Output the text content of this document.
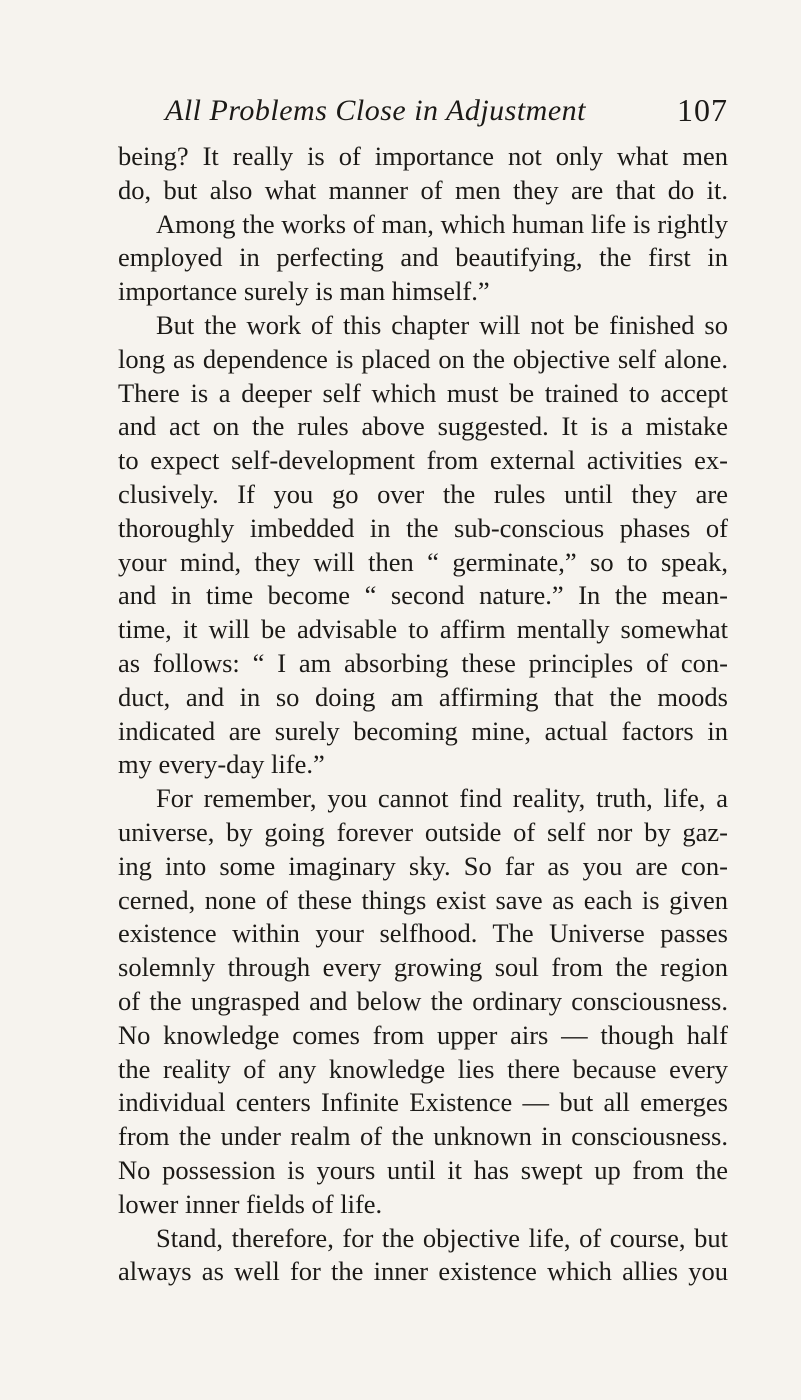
All Problems Close in Adjustment	107
being? It really is of importance not only what men
do, but also what manner of men they are that do it.
Among the works of man, which human life is rightly
employed in perfecting and beautifying, the first in
importance surely is man himself.”
But the work of this chapter will not be finished so
long as dependence is placed on the objective self alone.
There is a deeper self which must be trained to accept
and act on the rules above suggested. It is a mistake
to expect self-development from external activities ex-
clusively. If you go over the rules until they are
thoroughly imbedded in the sub-conscious phases of
your mind, they will then “ germinate,” so to speak,
and in time become “ second nature.” In the mean-
time, it will be advisable to affirm mentally somewhat
as follows: “ I am absorbing these principles of con-
duct, and in so doing am affirming that the moods
indicated are surely becoming mine, actual factors in
my every-day life.”
For remember, you cannot find reality, truth, life, a
universe, by going forever outside of self nor by gaz-
ing into some imaginary sky. So far as you are con-
cerned, none of these things exist save as each is given
existence within your selfhood. The Universe passes
solemnly through every growing soul from the region
of the ungrasped and below the ordinary consciousness.
No knowledge comes from upper airs — though half
the reality of any knowledge lies there because every
individual centers Infinite Existence — but all emerges
from the under realm of the unknown in consciousness.
No possession is yours until it has swept up from the
lower inner fields of life.
Stand, therefore, for the objective life, of course, but
always as well for the inner existence which allies you
